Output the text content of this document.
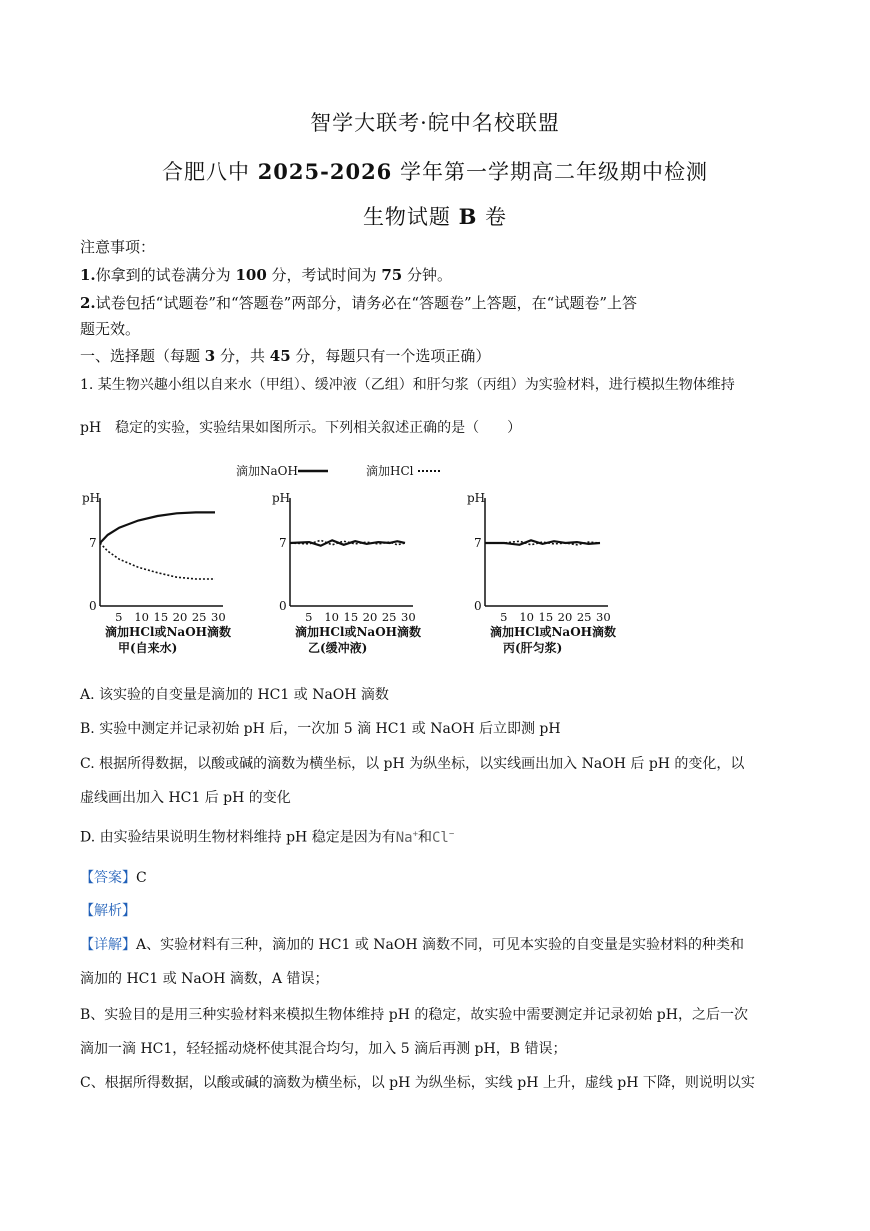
智学大联考·皖中名校联盟
合肥八中 2025-2026 学年第一学期高二年级期中检测
生物试题 B 卷
注意事项：
1.你拿到的试卷满分为 100 分，考试时间为 75 分钟。
2.试卷包括“试题卷”和“答题卷”两部分，请务必在“答题卷”上答题，在“试题卷”上答
题无效。
一、选择题（每题 3 分，共 45 分，每题只有一个选项正确）
1. 某生物兴趣小组以自来水（甲组）、缓冲液（乙组）和肝匀浆（丙组）为实验材料，进行模拟生物体维持
pH　稳定的实验，实验结果如图所示。下列相关叙述正确的是（　　）
滴加NaOH	滴加HCl
pH
0
7
5 10 15 20 25 30
滴加HCl或NaOH滴数
甲(自来水)
pH
0
7
5 10 15 20 25 30
滴加HCl或NaOH滴数
乙(缓冲液)
pH
0
7
5 10 15 20 25 30
滴加HCl或NaOH滴数
丙(肝匀浆)
A. 该实验的自变量是滴加的 HC1 或 NaOH 滴数
B. 实验中测定并记录初始 pH 后，一次加 5 滴 HC1 或 NaOH 后立即测 pH
C. 根据所得数据，以酸或碱的滴数为横坐标，以 pH 为纵坐标，以实线画出加入 NaOH 后 pH 的变化，以
虚线画出加入 HC1 后 pH 的变化
D. 由实验结果说明生物材料维持 pH 稳定是因为有Na+和Cl−
【答案】C
【解析】
【详解】A、实验材料有三种，滴加的 HC1 或 NaOH 滴数不同，可见本实验的自变量是实验材料的种类和
滴加的 HC1 或 NaOH 滴数，A 错误；
B、实验目的是用三种实验材料来模拟生物体维持 pH 的稳定，故实验中需要测定并记录初始 pH，之后一次
滴加一滴 HC1，轻轻摇动烧杯使其混合均匀，加入 5 滴后再测 pH，B 错误；
C、根据所得数据，以酸或碱的滴数为横坐标，以 pH 为纵坐标，实线 pH 上升，虚线 pH 下降，则说明以实
